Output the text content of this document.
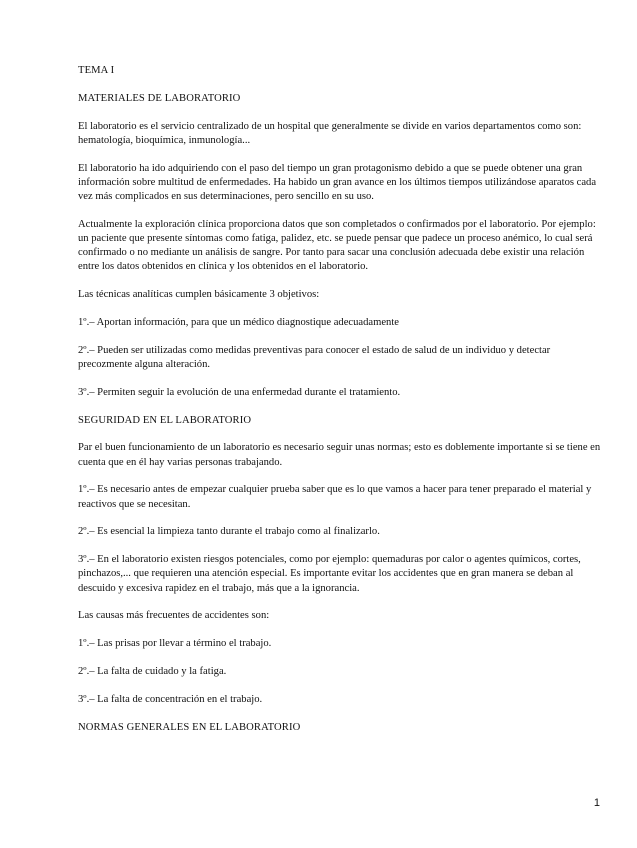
TEMA I

MATERIALES DE LABORATORIO

El laboratorio es el servicio centralizado de un hospital que generalmente se divide en varios departamentos como son: hematología, bioquímica, inmunología...

El laboratorio ha ido adquiriendo con el paso del tiempo un gran protagonismo debido a que se puede obtener una gran información sobre multitud de enfermedades. Ha habido un gran avance en los últimos tiempos utilizándose aparatos cada vez más complicados en sus determinaciones, pero sencillo en su uso.

Actualmente la exploración clínica proporciona datos que son completados o confirmados por el laboratorio. Por ejemplo: un paciente que presente síntomas como fatiga, palidez, etc. se puede pensar que padece un proceso anémico, lo cual será confirmado o no mediante un análisis de sangre. Por tanto para sacar una conclusión adecuada debe existir una relación entre los datos obtenidos en clínica y los obtenidos en el laboratorio.

Las técnicas analíticas cumplen básicamente 3 objetivos:

1º.– Aportan información, para que un médico diagnostique adecuadamente

2º.– Pueden ser utilizadas como medidas preventivas para conocer el estado de salud de un individuo y detectar precozmente alguna alteración.

3º.– Permiten seguir la evolución de una enfermedad durante el tratamiento.

SEGURIDAD EN EL LABORATORIO

Par el buen funcionamiento de un laboratorio es necesario seguir unas normas; esto es doblemente importante si se tiene en cuenta que en él hay varias personas trabajando.

1º.– Es necesario antes de empezar cualquier prueba saber que es lo que vamos a hacer para tener preparado el material y reactivos que se necesitan.

2º.– Es esencial la limpieza tanto durante el trabajo como al finalizarlo.

3º.– En el laboratorio existen riesgos potenciales, como por ejemplo: quemaduras por calor o agentes químicos, cortes, pinchazos,... que requieren una atención especial. Es importante evitar los accidentes que en gran manera se deban al descuido y excesiva rapidez en el trabajo, más que a la ignorancia.

Las causas más frecuentes de accidentes son:

1º.– Las prisas por llevar a término el trabajo.

2º.– La falta de cuidado y la fatiga.

3º.– La falta de concentración en el trabajo.

NORMAS GENERALES EN EL LABORATORIO

1
